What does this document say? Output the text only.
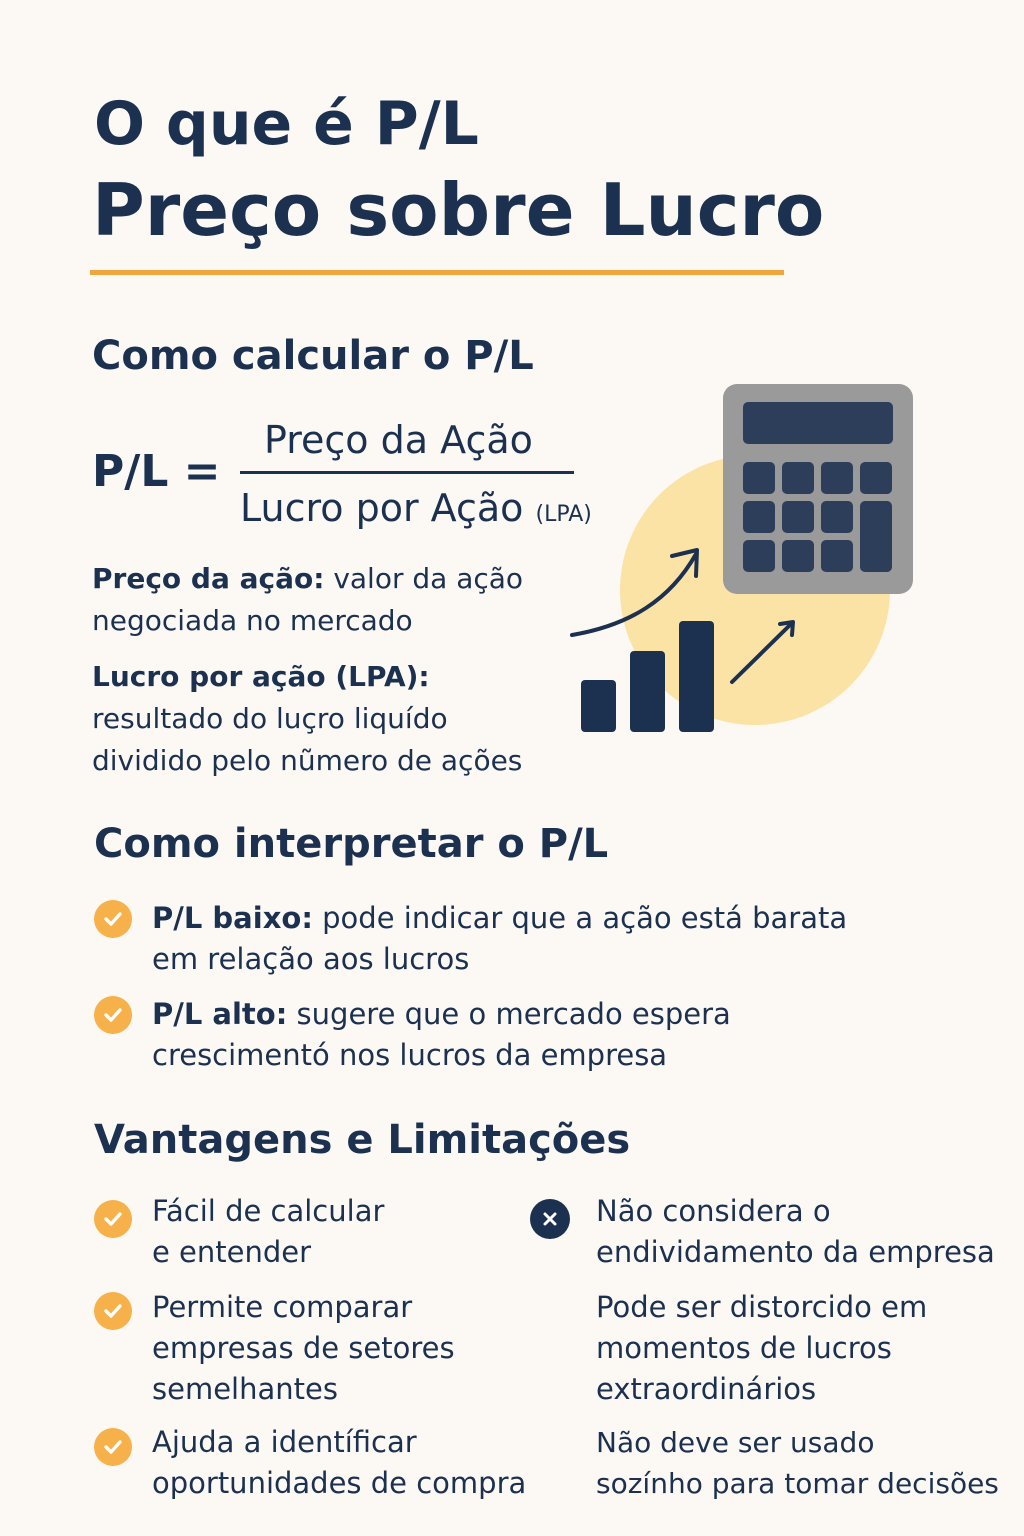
O que é P/L
Preço sobre Lucro
Como calcular o P/L
P/L =
Preço da Ação
Lucro por Ação (LPA)
Preço da ação: valor da ação
negociada no mercado
Lucro por ação (LPA):
resultado do luçro liquído
dividido pelo nũmero de ações
Como interpretar o P/L
P/L baixo: pode indicar que a ação está barata
em relação aos lucros
P/L alto: sugere que o mercado espera
crescimentó nos lucros da empresa
Vantagens e Limitações
Fácil de calcular
e entender
Permite comparar
empresas de setores
semelhantes
Ajuda a identíficar
oportunidades de compra
Não considera o
endividamento da empresa
Pode ser distorcido em
momentos de lucros
extraordinários
Não deve ser usado
sozínho para tomar decisões
